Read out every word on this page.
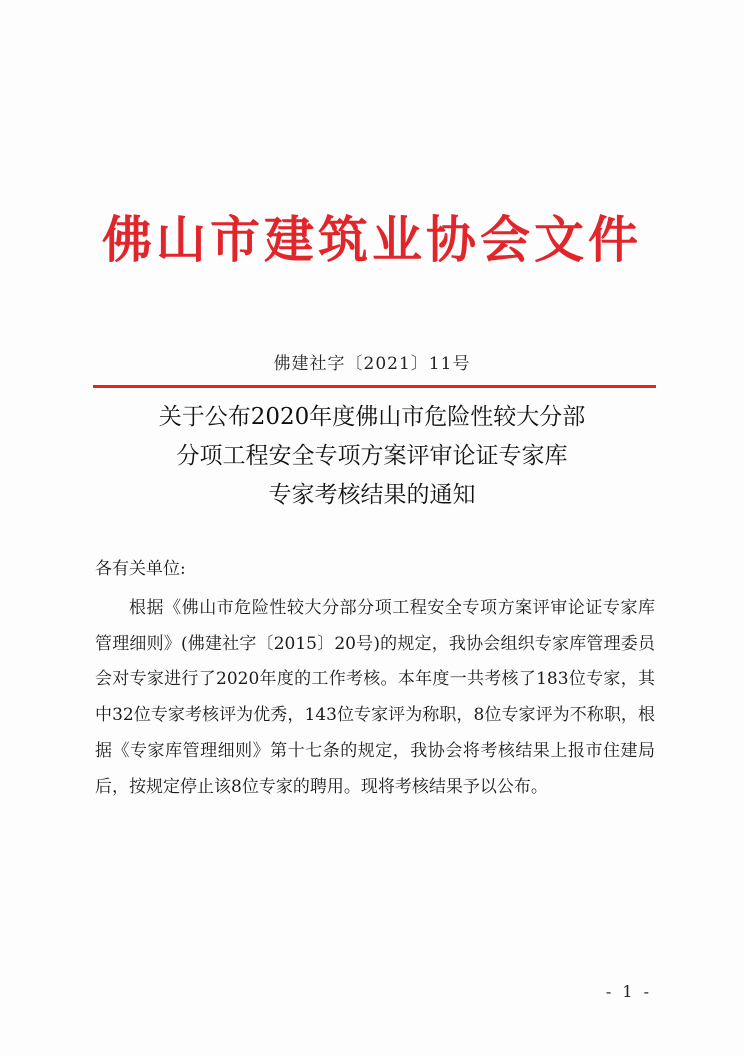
佛山市建筑业协会文件
佛建社字〔2021〕11号
关于公布2020年度佛山市危险性较大分部
分项工程安全专项方案评审论证专家库
专家考核结果的通知
各有关单位:

根据《佛山市危险性较大分部分项工程安全专项方案评审论证专家库管理细则》(佛建社字〔2015〕20号)的规定，我协会组织专家库管理委员会对专家进行了2020年度的工作考核。本年度一共考核了183位专家，其中32位专家考核评为优秀，143位专家评为称职，8位专家评为不称职，根据《专家库管理细则》第十七条的规定，我协会将考核结果上报市住建局后，按规定停止该8位专家的聘用。现将考核结果予以公布。

- 1 -
